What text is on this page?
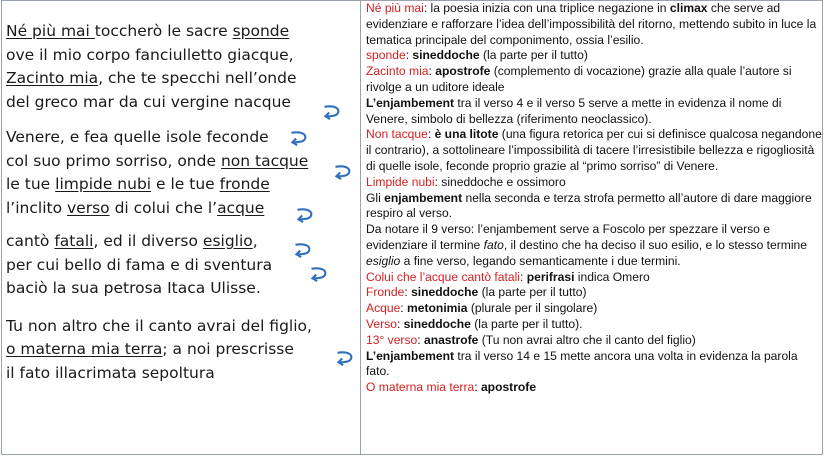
Né più mai toccherò le sacre sponde
ove il mio corpo fanciulletto giacque,
Zacinto mia, che te specchi nell’onde
del greco mar da cui vergine nacque
Venere, e fea quelle isole feconde
col suo primo sorriso, onde non tacque
le tue limpide nubi e le tue fronde
l’inclito verso di colui che l’acque
cantò fatali, ed il diverso esiglio,
per cui bello di fama e di sventura
baciò la sua petrosa Itaca Ulisse.
Tu non altro che il canto avrai del figlio,
o materna mia terra; a noi prescrisse
il fato illacrimata sepoltura

Né più mai: la poesia inizia con una triplice negazione in climax che serve ad evidenziare e rafforzare l’idea dell’impossibilità del ritorno, mettendo subito in luce la tematica principale del componimento, ossia l’esilio.

sponde: sineddoche (la parte per il tutto)

Zacinto mia: apostrofe (complemento di vocazione) grazie alla quale l’autore si rivolge a un uditore ideale

L’enjambement tra il verso 4 e il verso 5 serve a mette in evidenza il nome di Venere, simbolo di bellezza (riferimento neoclassico).

Non tacque: è una litote (una figura retorica per cui si definisce qualcosa negandone il contrario), a sottolineare l’impossibilità di tacere l’irresistibile bellezza e rigogliosità di quelle isole, feconde proprio grazie al “primo sorriso” di Venere.

Limpide nubi: sineddoche e ossimoro

Gli enjambement nella seconda e terza strofa permetto all’autore di dare maggiore respiro al verso.

Da notare il 9 verso: l’enjambement serve a Foscolo per spezzare il verso e evidenziare il termine fato, il destino che ha deciso il suo esilio, e lo stesso termine esiglio a fine verso, legando semanticamente i due termini.

Colui che l’acque cantò fatali: perifrasi indica Omero

Fronde: sineddoche (la parte per il tutto)

Acque: metonimia (plurale per il singolare)

Verso: sineddoche (la parte per il tutto).

13° verso: anastrofe (Tu non avrai altro che il canto del figlio)

L’enjambement tra il verso 14 e 15 mette ancora una volta in evidenza la parola fato.

O materna mia terra: apostrofe
